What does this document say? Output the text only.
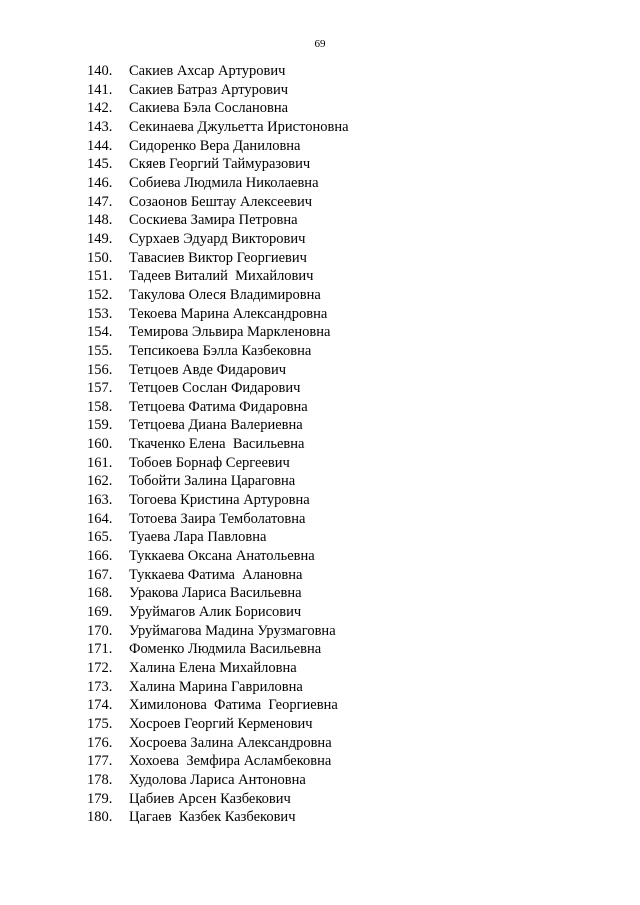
69

140.

Сакиев Ахсар Артурович

141.

Сакиев Батраз Артурович

142.

Сакиева Бэла Сослановна

143.

Секинаева Джульетта Иристоновна

144.

Сидоренко Вера Даниловна

145.

Скяев Георгий Таймуразович

146.

Собиева Людмила Николаевна

147.

Созаонов Бештау Алексеевич

148.

Соскиева Замира Петровна

149.

Сурхаев Эдуард Викторович

150.

Тавасиев Виктор Георгиевич

151.

Тадеев Виталий  Михайлович

152.

Такулова Олеся Владимировна

153.

Текоева Марина Александровна

154.

Темирова Эльвира Маркленовна

155.

Тепсикоева Бэлла Казбековна

156.

Тетцоев Авде Фидарович

157.

Тетцоев Сослан Фидарович

158.

Тетцоева Фатима Фидаровна

159.

Тетцоева Диана Валериевна

160.

Ткаченко Елена  Васильевна

161.

Тобоев Борнаф Сергеевич

162.

Тобойти Залина Цараговна

163.

Тогоева Кристина Артуровна

164.

Тотоева Заира Темболатовна

165.

Туаева Лара Павловна

166.

Туккаева Оксана Анатольевна

167.

Туккаева Фатима  Алановна

168.

Уракова Лариса Васильевна

169.

Уруймагов Алик Борисович

170.

Уруймагова Мадина Урузмаговна

171.

Фоменко Людмила Васильевна

172.

Халина Елена Михайловна

173.

Халина Марина Гавриловна

174.

Химилонова  Фатима  Георгиевна

175.

Хосроев Георгий Керменович

176.

Хосроева Залина Александровна

177.

Хохоева  Земфира Асламбековна

178.

Худолова Лариса Антоновна

179.

Цабиев Арсен Казбекович

180.

Цагаев  Казбек Казбекович
